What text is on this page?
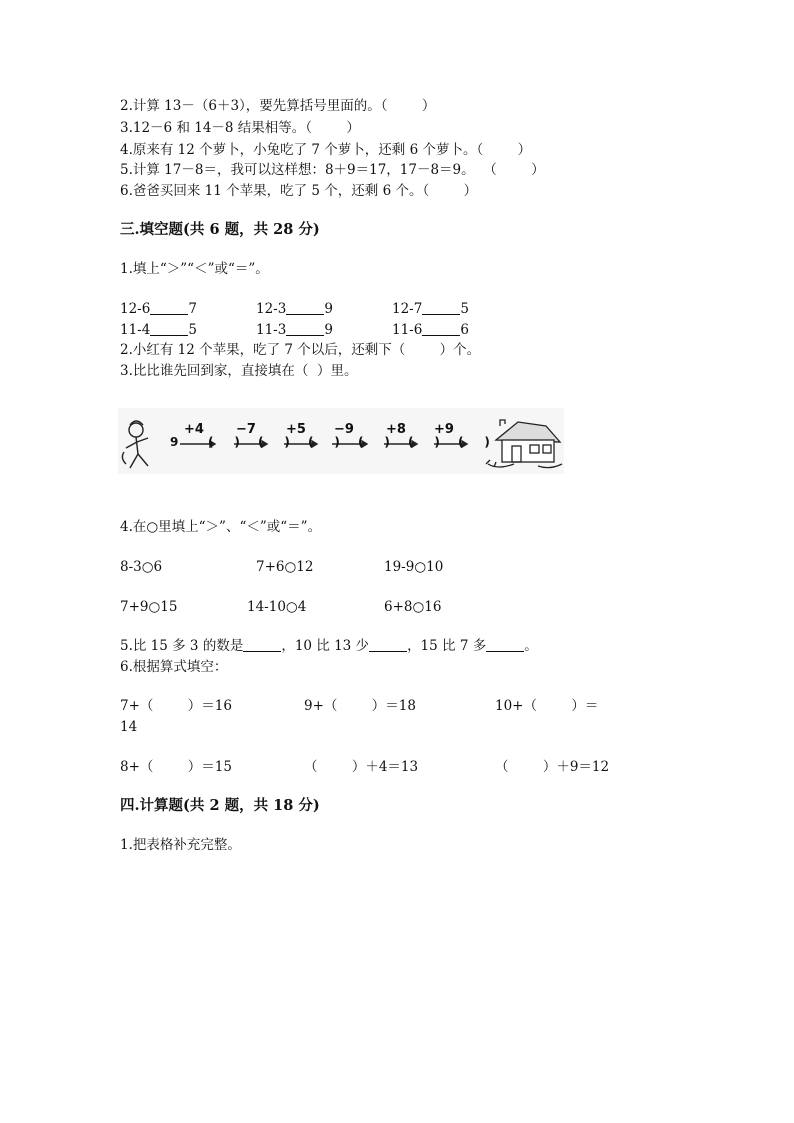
2.计算 13－（6＋3），要先算括号里面的。（        ）
3.12－6 和 14－8 结果相等。（        ）
4.原来有 12 个萝卜，小兔吃了 7 个萝卜，还剩 6 个萝卜。（        ）
5.计算 17－8＝，我可以这样想：8＋9＝17，17－8＝9。  （        ）
6.爸爸买回来 11 个苹果，吃了 5 个，还剩 6 个。（        ）
三.填空题(共 6 题，共 28 分)
1.填上“＞”“＜”或“＝”。
12-6	7	12-3	9	12-7	5
11-4	5	11-3	9	11-6	6
2.小红有 12 个苹果，吃了 7 个以后，还剩下（        ）个。
3.比比谁先回到家，直接填在（  ）里。
9
+4
(     )
−7
(     )
+5
(     )
−9
(     )
+8
(     )
+9
(     )
4.在○里填上“＞”、“＜”或“＝”。
8-3○6	7+6○12	19-9○10
7+9○15	14-10○4	6+8○16
5.比 15 多 3 的数是	，10 比 13 少	，15 比 7 多	。
6.根据算式填空：
7+（        ）＝16	9+（        ）＝18	10+（        ）＝
14
8+（        ）＝15	（        ）＋4＝13	（        ）＋9＝12
四.计算题(共 2 题，共 18 分)
1.把表格补充完整。
